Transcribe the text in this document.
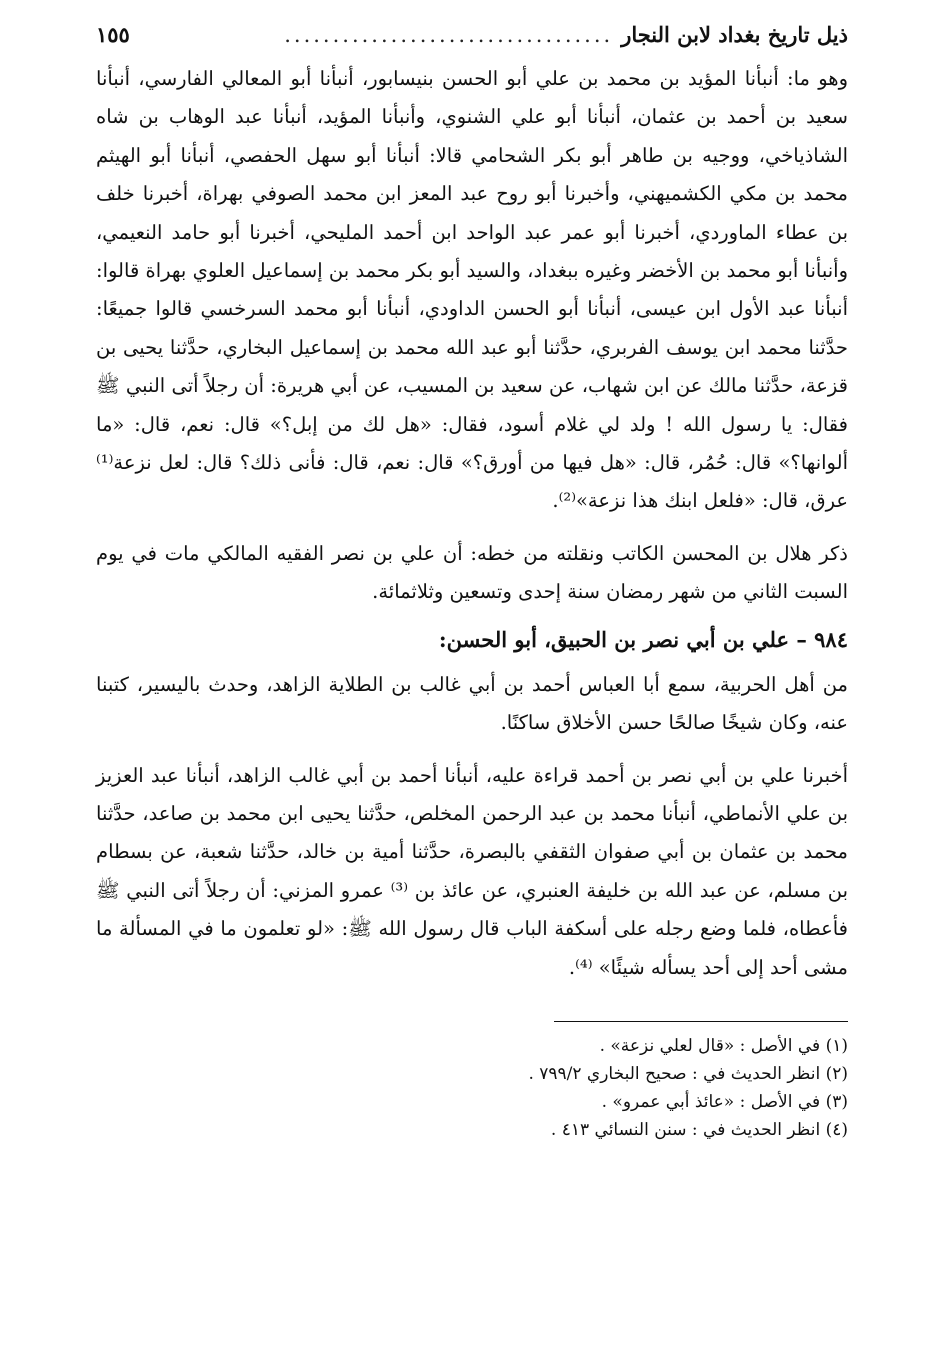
ذيل تاريخ بغداد لابن النجار
..................................
١٥٥

وهو ما: أنبأنا المؤيد بن محمد بن علي أبو الحسن بنيسابور، أنبأنا أبو المعالي الفارسي، أنبأنا سعيد بن أحمد بن عثمان، أنبأنا أبو علي الشنوي، وأنبأنا المؤيد، أنبأنا عبد الوهاب بن شاه الشاذياخي، ووجيه بن طاهر أبو بكر الشحامي قالا: أنبأنا أبو سهل الحفصي، أنبأنا أبو الهيثم محمد بن مكي الكشميهني، وأخبرنا أبو روح عبد المعز ابن محمد الصوفي بهراة، أخبرنا خلف بن عطاء الماوردي، أخبرنا أبو عمر عبد الواحد ابن أحمد المليحي، أخبرنا أبو حامد النعيمي، وأنبأنا أبو محمد بن الأخضر وغيره ببغداد، والسيد أبو بكر محمد بن إسماعيل العلوي بهراة قالوا: أنبأنا عبد الأول ابن عيسى، أنبأنا أبو الحسن الداودي، أنبأنا أبو محمد السرخسي قالوا جميعًا: حدَّثنا محمد ابن يوسف الفربري، حدَّثنا أبو عبد الله محمد بن إسماعيل البخاري، حدَّثنا يحيى بن قزعة، حدَّثنا مالك عن ابن شهاب، عن سعيد بن المسيب، عن أبي هريرة: أن رجلاً أتى النبي ﷺ فقال: يا رسول الله ! ولد لي غلام أسود، فقال: «هل لك من إبل؟» قال: نعم، قال: «ما ألوانها؟» قال: حُمُر، قال: «هل فيها من أورق؟» قال: نعم، قال: فأنى ذلك؟ قال: لعل نزعة⁽¹⁾ عرق، قال: «فلعل ابنك هذا نزعة»⁽²⁾.

ذكر هلال بن المحسن الكاتب ونقلته من خطه: أن علي بن نصر الفقيه المالكي مات في يوم السبت الثاني من شهر رمضان سنة إحدى وتسعين وثلاثمائة.

٩٨٤ – علي بن أبي نصر بن الحبيق، أبو الحسن:

من أهل الحربية، سمع أبا العباس أحمد بن أبي غالب بن الطلاية الزاهد، وحدث باليسير، كتبنا عنه، وكان شيخًا صالحًا حسن الأخلاق ساكنًا.

أخبرنا علي بن أبي نصر بن أحمد قراءة عليه، أنبأنا أحمد بن أبي غالب الزاهد، أنبأنا عبد العزيز بن علي الأنماطي، أنبأنا محمد بن عبد الرحمن المخلص، حدَّثنا يحيى ابن محمد بن صاعد، حدَّثنا محمد بن عثمان بن أبي صفوان الثقفي بالبصرة، حدَّثنا أمية بن خالد، حدَّثنا شعبة، عن بسطام بن مسلم، عن عبد الله بن خليفة العنبري، عن عائذ بن ⁽³⁾ عمرو المزني: أن رجلاً أتى النبي ﷺ فأعطاه، فلما وضع رجله على أسكفة الباب قال رسول الله ﷺ: «لو تعلمون ما في المسألة ما مشى أحد إلى أحد يسأله شيئًا» ⁽⁴⁾.

(١) في الأصل : «قال لعلي نزعة» .

(٢) انظر الحديث في : صحيح البخاري ٧٩٩/٢ .

(٣) في الأصل : «عائذ أبي عمرو» .

(٤) انظر الحديث في : سنن النسائي ٤١٣ .
